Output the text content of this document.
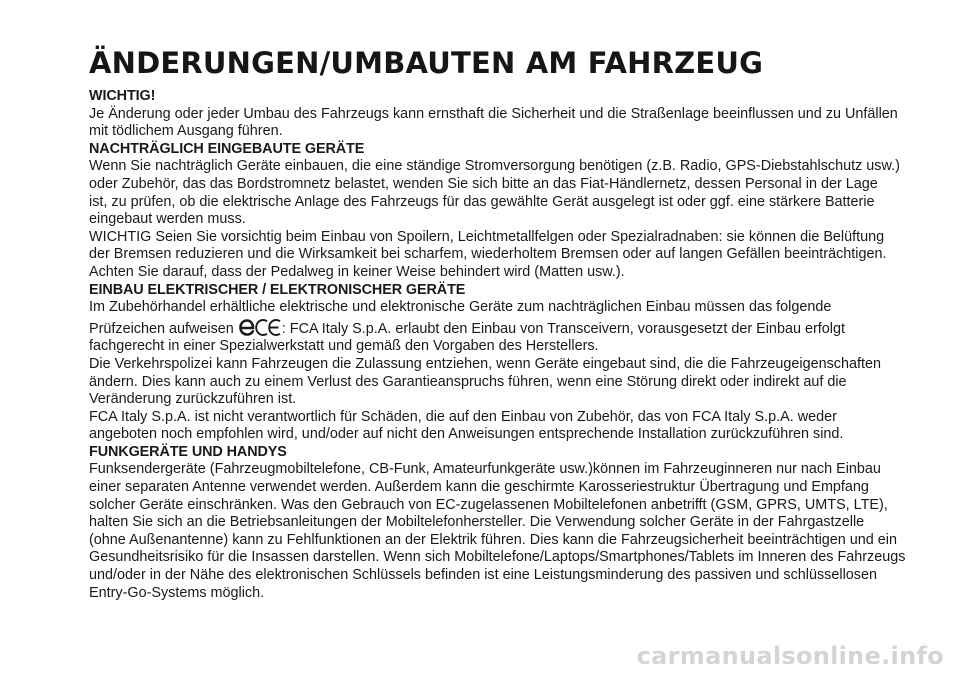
ÄNDERUNGEN/UMBAUTEN AM FAHRZEUG
WICHTIG!

Je Änderung oder jeder Umbau des Fahrzeugs kann ernsthaft die Sicherheit und die Straßenlage beeinflussen und zu Unfällen

mit tödlichem Ausgang führen.

NACHTRÄGLICH EINGEBAUTE GERÄTE

Wenn Sie nachträglich Geräte einbauen, die eine ständige Stromversorgung benötigen (z.B. Radio, GPS-Diebstahlschutz usw.)

oder Zubehör, das das Bordstromnetz belastet, wenden Sie sich bitte an das Fiat-Händlernetz, dessen Personal in der Lage

ist, zu prüfen, ob die elektrische Anlage des Fahrzeugs für das gewählte Gerät ausgelegt ist oder ggf. eine stärkere Batterie

eingebaut werden muss.

WICHTIG Seien Sie vorsichtig beim Einbau von Spoilern, Leichtmetallfelgen oder Spezialradnaben: sie können die Belüftung

der Bremsen reduzieren und die Wirksamkeit bei scharfem, wiederholtem Bremsen oder auf langen Gefällen beeinträchtigen.

Achten Sie darauf, dass der Pedalweg in keiner Weise behindert wird (Matten usw.).

EINBAU ELEKTRISCHER / ELEKTRONISCHER GERÄTE

Im Zubehörhandel erhältliche elektrische und elektronische Geräte zum nachträglichen Einbau müssen das folgende

Prüfzeichen aufweisen	: FCA Italy S.p.A. erlaubt den Einbau von Transceivern, vorausgesetzt der Einbau erfolgt

fachgerecht in einer Spezialwerkstatt und gemäß den Vorgaben des Herstellers.

Die Verkehrspolizei kann Fahrzeugen die Zulassung entziehen, wenn Geräte eingebaut sind, die die Fahrzeugeigenschaften

ändern. Dies kann auch zu einem Verlust des Garantieanspruchs führen, wenn eine Störung direkt oder indirekt auf die

Veränderung zurückzuführen ist.

FCA Italy S.p.A. ist nicht verantwortlich für Schäden, die auf den Einbau von Zubehör, das von FCA Italy S.p.A. weder

angeboten noch empfohlen wird, und/oder auf nicht den Anweisungen entsprechende Installation zurückzuführen sind.

FUNKGERÄTE UND HANDYS

Funksendergeräte (Fahrzeugmobiltelefone, CB-Funk, Amateurfunkgeräte usw.)können im Fahrzeuginneren nur nach Einbau

einer separaten Antenne verwendet werden. Außerdem kann die geschirmte Karosseriestruktur Übertragung und Empfang

solcher Geräte einschränken. Was den Gebrauch von EC-zugelassenen Mobiltelefonen anbetrifft (GSM, GPRS, UMTS, LTE),

halten Sie sich an die Betriebsanleitungen der Mobiltelefonhersteller. Die Verwendung solcher Geräte in der Fahrgastzelle

(ohne Außenantenne) kann zu Fehlfunktionen an der Elektrik führen. Dies kann die Fahrzeugsicherheit beeinträchtigen und ein

Gesundheitsrisiko für die Insassen darstellen. Wenn sich Mobiltelefone/Laptops/Smartphones/Tablets im Inneren des Fahrzeugs

und/oder in der Nähe des elektronischen Schlüssels befinden ist eine Leistungsminderung des passiven und schlüssellosen

Entry-Go-Systems möglich.

carmanualsonline.info
